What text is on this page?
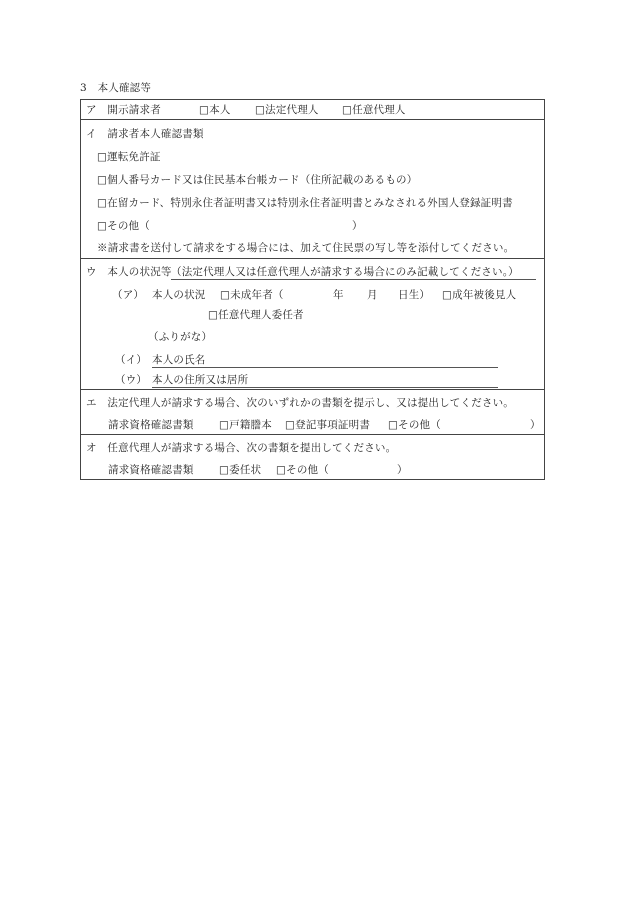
3　本人確認等
ア　開示請求者	□本人 □法定代理人 □任意代理人
イ　請求者本人確認書類
□運転免許証
□個人番号カード又は住民基本台帳カード（住所記載のあるもの）
□在留カード、特別永住者証明書又は特別永住者証明書とみなされる外国人登録証明書
□その他（	）
※請求書を送付して請求をする場合には、加えて住民票の写し等を添付してください。
ウ　本人の状況等 （法定代理人又は任意代理人が請求する場合にのみ記載してください。）
（ア） 本人の状況 □未成年者（	年 月 日生） □成年被後見人
□任意代理人委任者
（ふりがな）
（イ） 本人の氏名
（ウ） 本人の住所又は居所
エ　法定代理人が請求する場合、次のいずれかの書類を提示し、又は提出してください。
請求資格確認書類 □戸籍謄本 □登記事項証明書 □その他（	）
オ　任意代理人が請求する場合、次の書類を提出してください。
請求資格確認書類 □委任状 □その他（	）
